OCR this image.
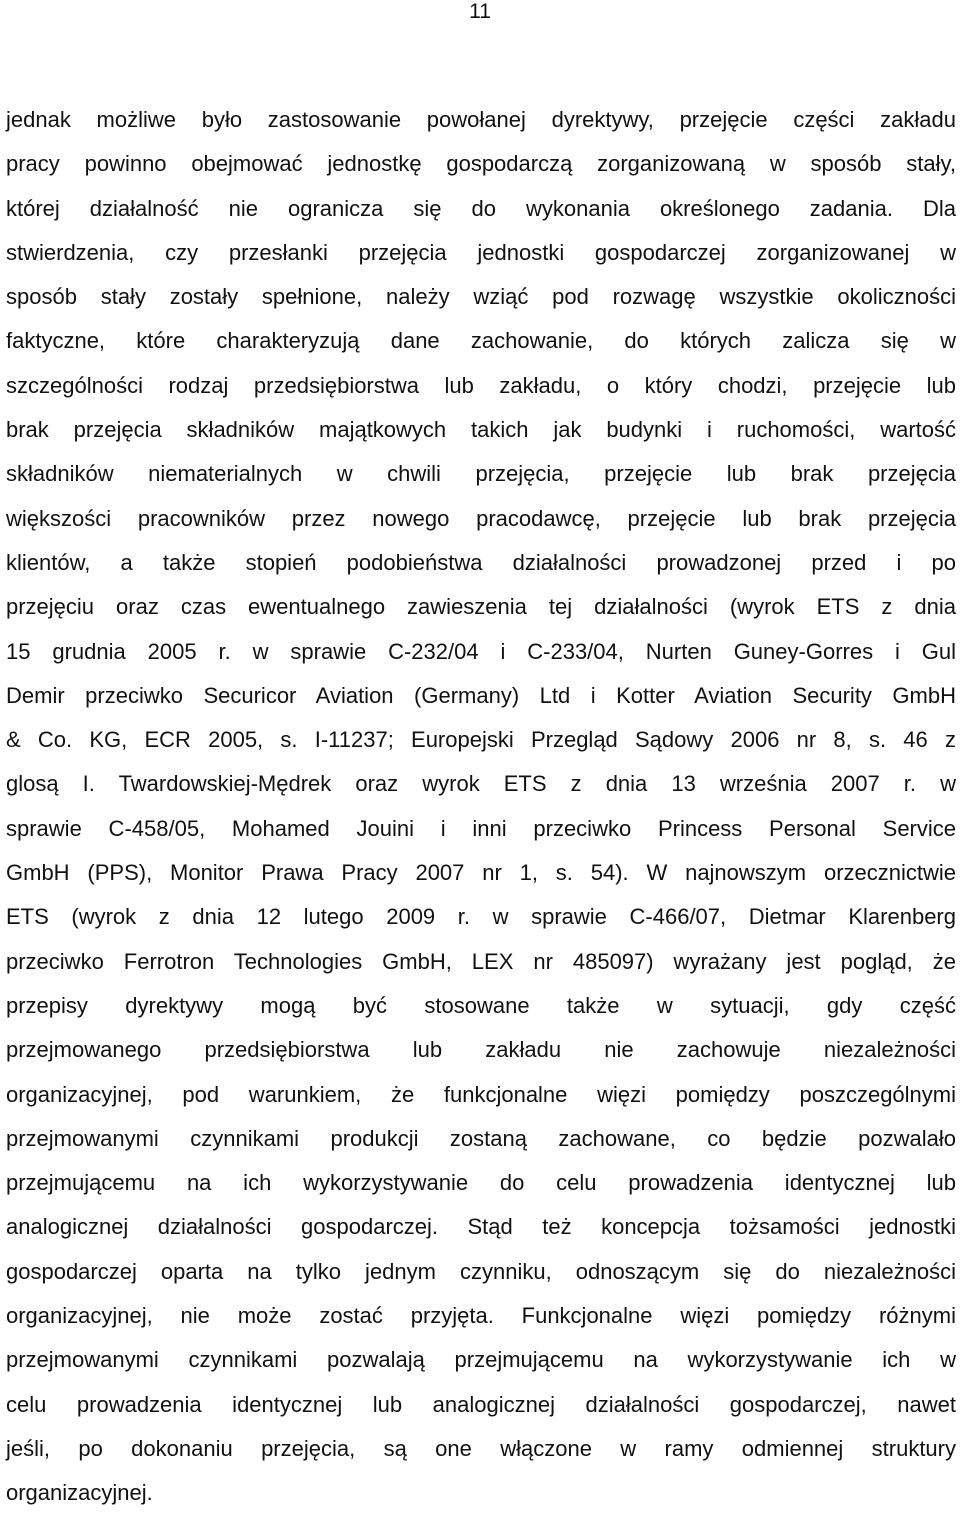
11
jednak możliwe było zastosowanie powołanej dyrektywy, przejęcie części zakładu
pracy powinno obejmować jednostkę gospodarczą zorganizowaną w sposób stały,
której działalność nie ogranicza się do wykonania określonego zadania. Dla
stwierdzenia, czy przesłanki przejęcia jednostki gospodarczej zorganizowanej w
sposób stały zostały spełnione, należy wziąć pod rozwagę wszystkie okoliczności
faktyczne, które charakteryzują dane zachowanie, do których zalicza się w
szczególności rodzaj przedsiębiorstwa lub zakładu, o który chodzi, przejęcie lub
brak przejęcia składników majątkowych takich jak budynki i ruchomości, wartość
składników niematerialnych w chwili przejęcia, przejęcie lub brak przejęcia
większości pracowników przez nowego pracodawcę, przejęcie lub brak przejęcia
klientów, a także stopień podobieństwa działalności prowadzonej przed i po
przejęciu oraz czas ewentualnego zawieszenia tej działalności (wyrok ETS z dnia
15 grudnia 2005 r. w sprawie C-232/04 i C-233/04, Nurten Guney-Gorres i Gul
Demir przeciwko Securicor Aviation (Germany) Ltd i Kotter Aviation Security GmbH
& Co. KG, ECR 2005, s. I-11237; Europejski Przegląd Sądowy 2006 nr 8, s. 46 z
glosą I. Twardowskiej-Mędrek oraz wyrok ETS z dnia 13 września 2007 r. w
sprawie C-458/05, Mohamed Jouini i inni przeciwko Princess Personal Service
GmbH (PPS), Monitor Prawa Pracy 2007 nr 1, s. 54). W najnowszym orzecznictwie
ETS (wyrok z dnia 12 lutego 2009 r. w sprawie C-466/07, Dietmar Klarenberg
przeciwko Ferrotron Technologies GmbH, LEX nr 485097) wyrażany jest pogląd, że
przepisy dyrektywy mogą być stosowane także w sytuacji, gdy część
przejmowanego przedsiębiorstwa lub zakładu nie zachowuje niezależności
organizacyjnej, pod warunkiem, że funkcjonalne więzi pomiędzy poszczególnymi
przejmowanymi czynnikami produkcji zostaną zachowane, co będzie pozwalało
przejmującemu na ich wykorzystywanie do celu prowadzenia identycznej lub
analogicznej działalności gospodarczej. Stąd też koncepcja tożsamości jednostki
gospodarczej oparta na tylko jednym czynniku, odnoszącym się do niezależności
organizacyjnej, nie może zostać przyjęta. Funkcjonalne więzi pomiędzy różnymi
przejmowanymi czynnikami pozwalają przejmującemu na wykorzystywanie ich w
celu prowadzenia identycznej lub analogicznej działalności gospodarczej, nawet
jeśli, po dokonaniu przejęcia, są one włączone w ramy odmiennej struktury
organizacyjnej.
